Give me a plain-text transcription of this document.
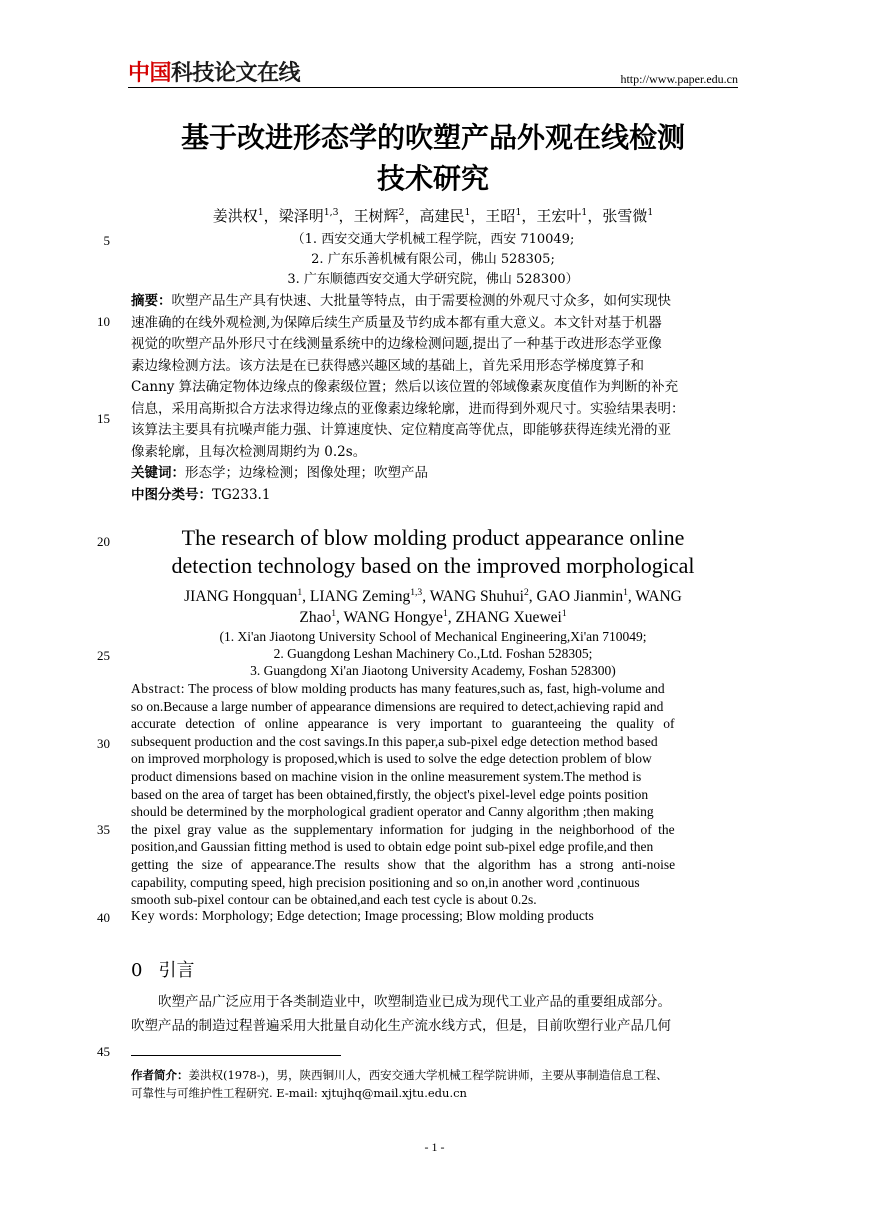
中国科技论文在线	http://www.paper.edu.cn
基于改进形态学的吹塑产品外观在线检测
技术研究
姜洪权$^1$，梁泽明$^{1,3}$，王树辉$^2$，高建民$^1$，王昭$^1$，王宏叶$^1$，张雪微$^1$
（1. 西安交通大学机械工程学院，西安 710049;
2. 广东乐善机械有限公司，佛山 528305;
3. 广东顺德西安交通大学研究院，佛山 528300）
摘要：吹塑产品生产具有快速、大批量等特点，由于需要检测的外观尺寸众多，如何实现快
速准确的在线外观检测,为保障后续生产质量及节约成本都有重大意义。本文针对基于机器
视觉的吹塑产品外形尺寸在线测量系统中的边缘检测问题,提出了一种基于改进形态学亚像
素边缘检测方法。该方法是在已获得感兴趣区域的基础上，首先采用形态学梯度算子和
Canny 算法确定物体边缘点的像素级位置；然后以该位置的邻域像素灰度值作为判断的补充
信息，采用高斯拟合方法求得边缘点的亚像素边缘轮廓，进而得到外观尺寸。实验结果表明：
该算法主要具有抗噪声能力强、计算速度快、定位精度高等优点，即能够获得连续光滑的亚
像素轮廓，且每次检测周期约为 0.2s。
关键词：形态学；边缘检测；图像处理；吹塑产品
中图分类号：TG233.1
The research of blow molding product appearance online
detection technology based on the improved morphological
JIANG Hongquan$^1$, LIANG Zeming$^{1,3}$, WANG Shuhui$^2$, GAO Jianmin$^1$, WANG
Zhao$^1$, WANG Hongye$^1$, ZHANG Xuewei$^1$
(1. Xi'an Jiaotong University School of Mechanical Engineering,Xi'an 710049;
2. Guangdong Leshan Machinery Co.,Ltd. Foshan 528305;
3. Guangdong Xi'an Jiaotong University Academy, Foshan 528300)
Abstract: The process of blow molding products has many features,such as, fast, high-volume and
so on.Because a large number of appearance dimensions are required to detect,achieving rapid and
accurate detection of online appearance is very important to guaranteeing the quality of
subsequent production and the cost savings.In this paper,a sub-pixel edge detection method based
on improved morphology is proposed,which is used to solve the edge detection problem of blow
product dimensions based on machine vision in the online measurement system.The method is
based on the area of target has been obtained,firstly, the object's pixel-level edge points position
should be determined by the morphological gradient operator and Canny algorithm ;then making
the pixel gray value as the supplementary information for judging in the neighborhood of the
position,and Gaussian fitting method is used to obtain edge point sub-pixel edge profile,and then
getting the size of appearance.The results show that the algorithm has a strong anti-noise
capability, computing speed, high precision positioning and so on,in another word ,continuous
smooth sub-pixel contour can be obtained,and each test cycle is about 0.2s.
Key words: Morphology; Edge detection; Image processing; Blow molding products
0 引言
吹塑产品广泛应用于各类制造业中，吹塑制造业已成为现代工业产品的重要组成部分。
吹塑产品的制造过程普遍采用大批量自动化生产流水线方式，但是，目前吹塑行业产品几何
作者简介：姜洪权(1978-)，男，陕西铜川人，西安交通大学机械工程学院讲师，主要从事制造信息工程、
可靠性与可维护性工程研究. E-mail: xjtujhq@mail.xjtu.edu.cn
5
10
15
20
25
30
35
40
45
- 1 -
